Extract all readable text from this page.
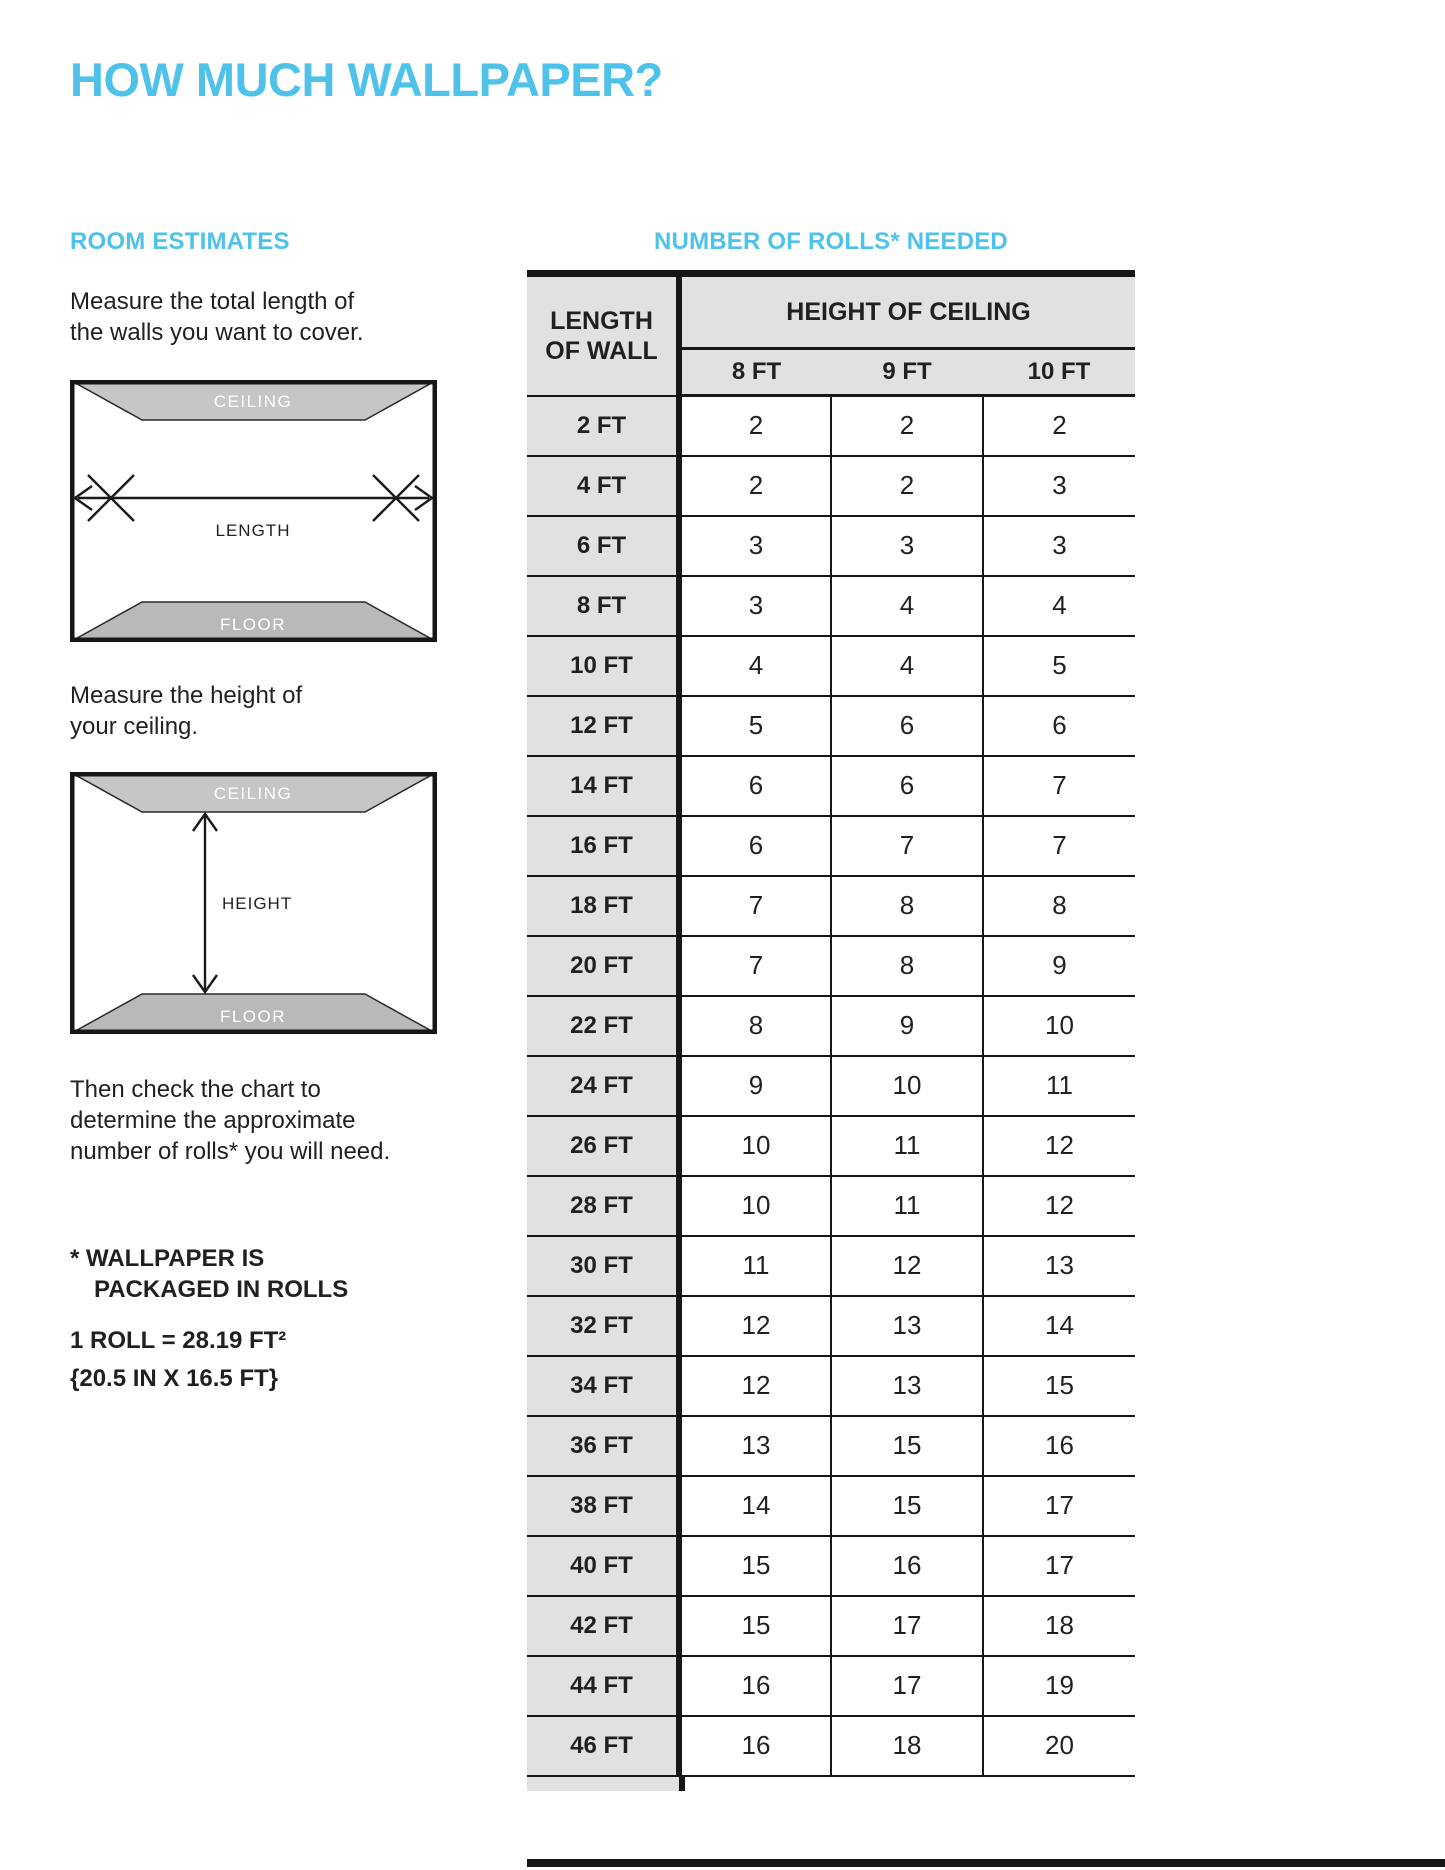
HOW MUCH WALLPAPER?
ROOM ESTIMATES	NUMBER OF ROLLS* NEEDED

Measure the total length of
the walls you want to cover.

CEILING
FLOOR
LENGTH

Measure the height of
your ceiling.

CEILING
FLOOR
HEIGHT

Then check the chart to
determine the approximate
number of rolls* you will need.

* WALLPAPER IS
PACKAGED IN ROLLS
1 ROLL = 28.19 FT²
{20.5 IN X 16.5 FT}
LENGTH
OF WALL	HEIGHT OF CEILING		
	8 FT	9 FT	10 FT
2 FT	2	2	2
4 FT	2	2	3
6 FT	3	3	3
8 FT	3	4	4
10 FT	4	4	5
12 FT	5	6	6
14 FT	6	6	7
16 FT	6	7	7
18 FT	7	8	8
20 FT	7	8	9
22 FT	8	9	10
24 FT	9	10	11
26 FT	10	11	12
28 FT	10	11	12
30 FT	11	12	13
32 FT	12	13	14
34 FT	12	13	15
36 FT	13	15	16
38 FT	14	15	17
40 FT	15	16	17
42 FT	15	17	18
44 FT	16	17	19
46 FT	16	18	20
